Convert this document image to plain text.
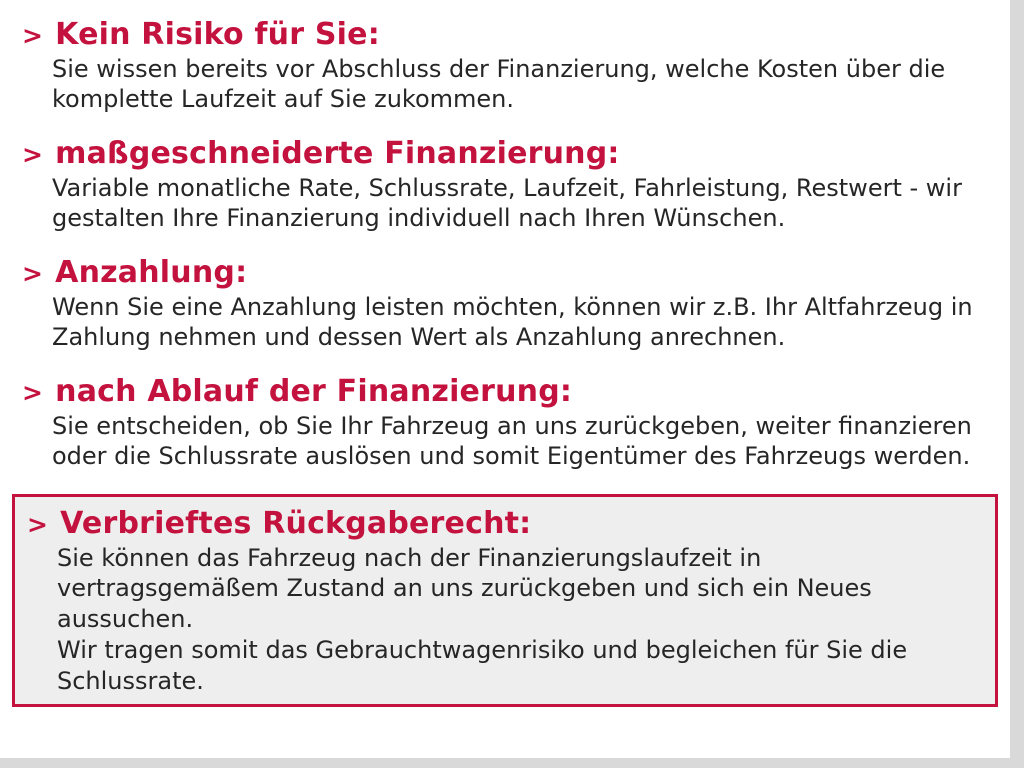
> Kein Risiko für Sie:

Sie wissen bereits vor Abschluss der Finanzierung, welche Kosten über die komplette Laufzeit auf Sie zukommen.

> maßgeschneiderte Finanzierung:

Variable monatliche Rate, Schlussrate, Laufzeit, Fahrleistung, Restwert - wir gestalten Ihre Finanzierung individuell nach Ihren Wünschen.

> Anzahlung:

Wenn Sie eine Anzahlung leisten möchten, können wir z.B. Ihr Altfahrzeug in Zahlung nehmen und dessen Wert als Anzahlung anrechnen.

> nach Ablauf der Finanzierung:

Sie entscheiden, ob Sie Ihr Fahrzeug an uns zurückgeben, weiter finanzieren oder die Schlussrate auslösen und somit Eigentümer des Fahrzeugs werden.

> Verbrieftes Rückgaberecht:

Sie können das Fahrzeug nach der Finanzierungslaufzeit in vertragsgemäßem Zustand an uns zurückgeben und sich ein Neues aussuchen.

Wir tragen somit das Gebrauchtwagenrisiko und begleichen für Sie die Schlussrate.
